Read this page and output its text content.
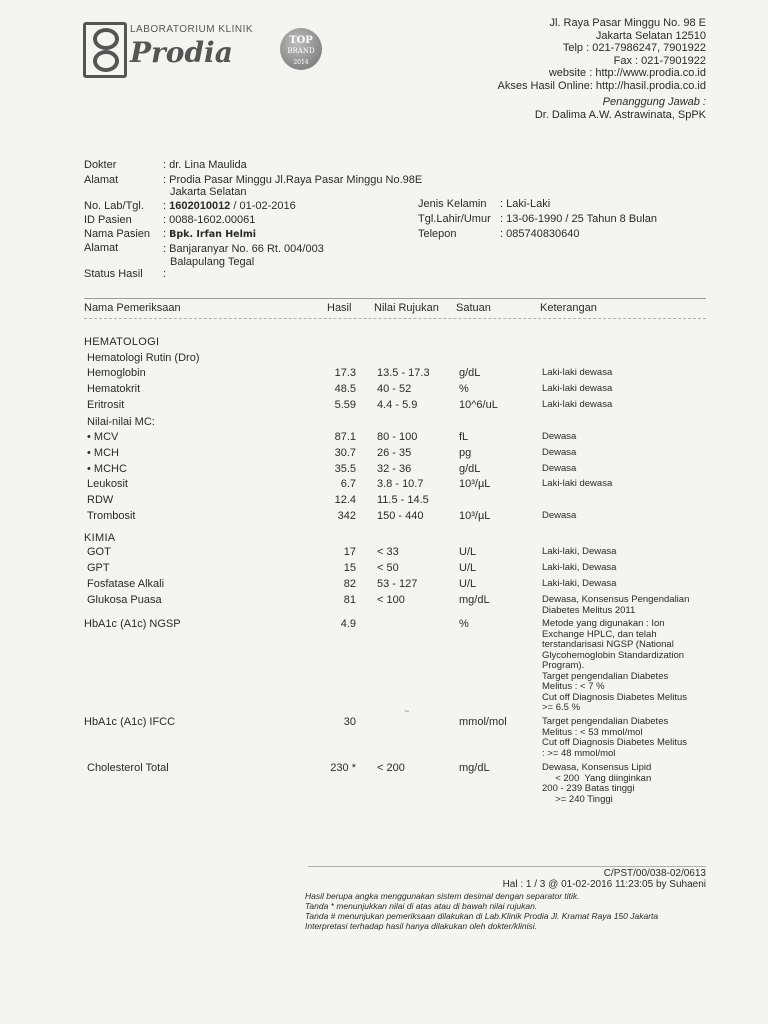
LABORATORIUM KLINIK
Prodia	TOP
BRAND
2014
Jl. Raya Pasar Minggu No. 98 E
Jakarta Selatan 12510
Telp : 021-7986247, 7901922
Fax : 021-7901922
website : http://www.prodia.co.id
Akses Hasil Online: http://hasil.prodia.co.id
Penanggung Jawab :
Dr. Dalima A.W. Astrawinata, SpPK
Dokter	: dr. Lina Maulida
Alamat	: Prodia Pasar Minggu Jl.Raya Pasar Minggu No.98E
Jakarta Selatan
No. Lab/Tgl. : 1602010012 / 01-02-2016
ID Pasien	: 0088-1602.00061
Nama Pasien : Bpk. Irfan Helmi
Alamat	: Banjaranyar No. 66 Rt. 004/003
Balapulang Tegal
Status Hasil :
Jenis Kelamin : Laki-Laki
Tgl.Lahir/Umur : 13-06-1990 / 25 Tahun 8 Bulan
Telepon	: 085740830640
Nama Pemeriksaan	Hasil Nilai Rujukan Satuan	Keterangan
HEMATOLOGI
Hematologi Rutin (Dro)
Nilai-nilai MC:
KIMIA
Hemoglobin	17.3 13.5 - 17.3	g/dL	Laki-laki dewasa
Hematokrit	48.5 40 - 52	%	Laki-laki dewasa
Eritrosit	5.59 4.4 - 5.9	10^6/uL	Laki-laki dewasa
• MCV	87.1 80 - 100	fL	Dewasa
• MCH	30.7 26 - 35	pg	Dewasa
• MCHC	35.5 32 - 36	g/dL	Dewasa
Leukosit	6.7 3.8 - 10.7	10³/µL	Laki-laki dewasa
RDW	12.4 11.5 - 14.5
Trombosit	342 150 - 440	10³/µL	Dewasa
GOT	17 < 33	U/L	Laki-laki, Dewasa
GPT	15 < 50	U/L	Laki-laki, Dewasa
Fosfatase Alkali	82 53 - 127	U/L	Laki-laki, Dewasa
Glukosa Puasa	81 < 100	mg/dL	Dewasa, Konsensus Pengendalian
Diabetes Melitus 2011
HbA1c (A1c) NGSP	4.9	%	Metode yang digunakan : Ion
Exchange HPLC, dan telah
terstandarisasi NGSP (National
Glycohemoglobin Standardization
Program).
Target pengendalian Diabetes
Melitus : < 7 %
Cut off Diagnosis Diabetes Melitus
>= 6.5 %
HbA1c (A1c) IFCC	30	mmol/mol	Target pengendalian Diabetes
Melitus : < 53 mmol/mol
Cut off Diagnosis Diabetes Melitus
: >= 48 mmol/mol
Cholesterol Total	230 * < 200	mg/dL	Dewasa, Konsensus Lipid
< 200  Yang diinginkan
200 - 239 Batas tinggi
>= 240 Tinggi
~
C/PST/00/038-02/0613
Hal : 1 / 3 @ 01-02-2016 11:23:05 by Suhaeni
Hasil berupa angka menggunakan sistem desimal dengan separator titik.
Tanda * menunjukkan nilai di atas atau di bawah nilai rujukan.
Tanda # menunjukan pemeriksaan dilakukan di Lab.Klinik Prodia Jl. Kramat Raya 150 Jakarta
Interpretasi terhadap hasil hanya dilakukan oleh dokter/klinisi.
